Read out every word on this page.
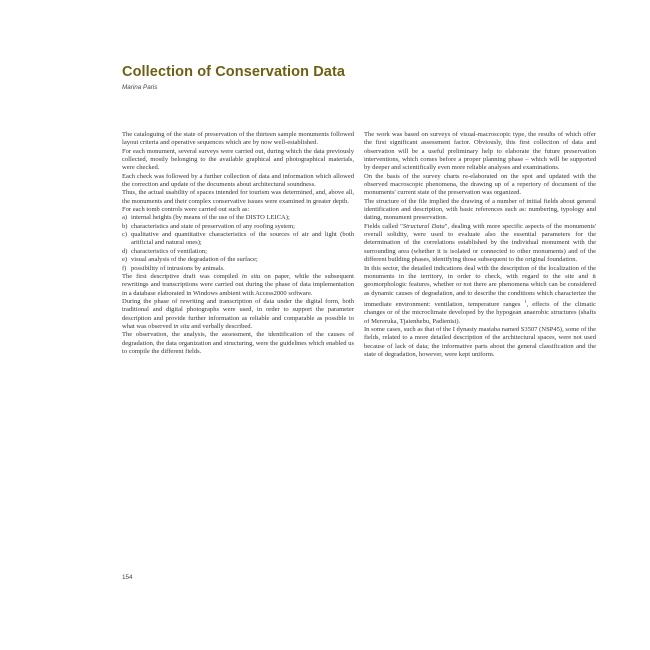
Collection of Conservation Data

Marina Paris

The cataloguing of the state of preservation of the thirteen sample monuments followed layout criteria and operative sequences which are by now well-established.

For each monument, several surveys were carried out, during which the data previously collected, mostly belonging to the available graphical and photographical materials, were checked.

Each check was followed by a further collection of data and information which allowed the correction and update of the documents about architectural soundness.

Thus, the actual usability of spaces intended for tourism was determined, and, above all, the monuments and their complex conservative issues were examined in greater depth.

For each tomb controls were carried out such as:

a) internal heights (by means of the use of the DISTO LEICA);
b) characteristics and state of preservation of any roofing system;
c) qualitative and quantitative characteristics of the sources of air and light (both artificial and natural ones);
d) characteristics of ventilation;
e) visual analysis of the degradation of the surface;
f) possibility of intrusions by animals.

The first descriptive draft was compiled in situ on paper, while the subsequent rewritings and transcriptions were carried out during the phase of data implementation in a database elaborated in Windows ambient with Access2000 software.

During the phase of rewriting and transcription of data under the digital form, both traditional and digital photographs were used, in order to support the parameter description and provide further information as reliable and comparable as possible to what was observed in situ and verbally described.

The observation, the analysis, the assessment, the identification of the causes of degradation, the data organization and structuring, were the guidelines which enabled us to compile the different fields.

The work was based on surveys of visual-macroscopic type, the results of which offer the first significant assessment factor. Obviously, this first collection of data and observation will be a useful preliminary help to elaborate the future preservation interventions, which comes before a proper planning phase – which will be supported by deeper and scientifically even more reliable analyses and examinations.

On the basis of the survey charts re-elaborated on the spot and updated with the observed macroscopic phenomena, the drawing up of a repertory of document of the monuments' current state of the preservation was organized.

The structure of the file implied the drawing of a number of initial fields about general identification and description, with basic references such as: numbering, typology and dating, monument preservation.

Fields called "Structural Data", dealing with more specific aspects of the monuments' overall solidity, were used to evaluate also the essential parameters for the determination of the correlations established by the individual monument with the surrounding area (whether it is isolated or connected to other monuments) and of the different building phases, identifying those subsequent to the original foundation.

In this sector, the detailed indications deal with the description of the localization of the monuments in the territory, in order to check, with regard to the site and it geomorphologic features, whether or not there are phenomena which can be considered as dynamic causes of degradation, and to describe the conditions which characterize the immediate environment: ventilation, temperature ranges $^1$, effects of the climatic changes or of the microclimate developed by the hypogean anaerobic structures (shafts of Mereruka, Tjaienhebu, Padienisi).

In some cases, such as that of the I dynasty mastaba named S3507 (NSP45), some of the fields, related to a more detailed description of the architectural spaces, were not used because of lack of data; the informative parts about the general classification and the state of degradation, however, were kept uniform.

154
